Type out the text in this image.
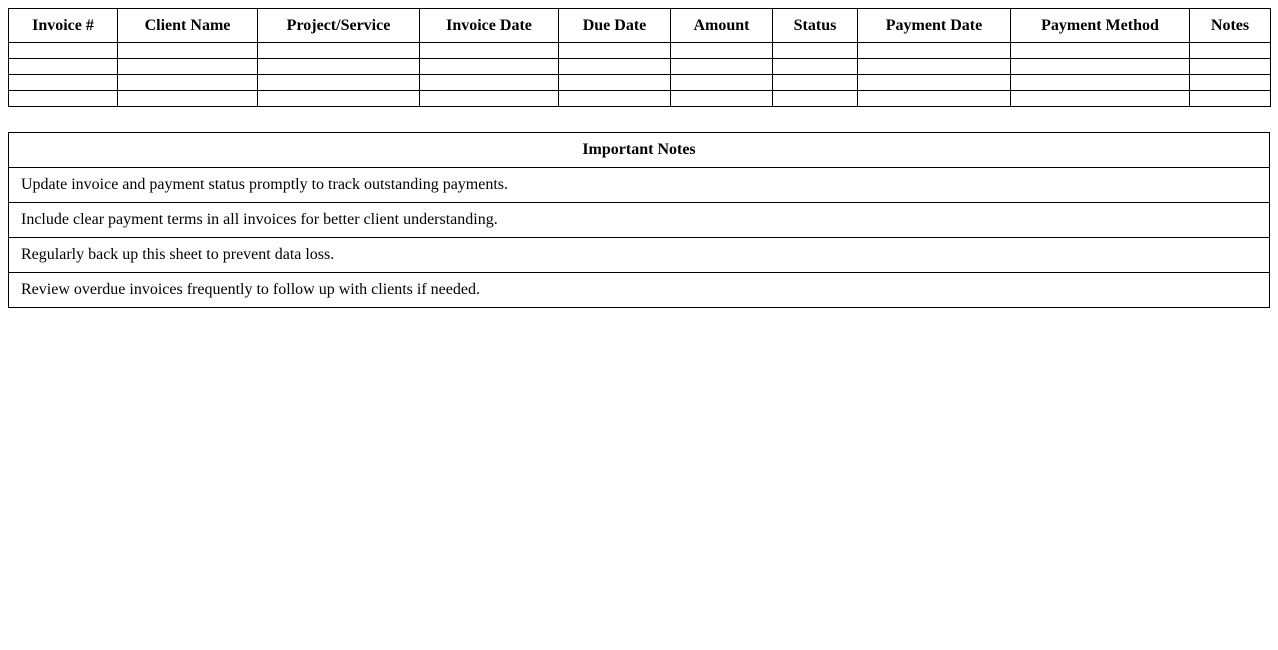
Invoice #	Client Name	Project/Service	Invoice Date	Due Date	Amount	Status	Payment Date	Payment Method	Notes

Important Notes
Update invoice and payment status promptly to track outstanding payments.
Include clear payment terms in all invoices for better client understanding.
Regularly back up this sheet to prevent data loss.
Review overdue invoices frequently to follow up with clients if needed.
